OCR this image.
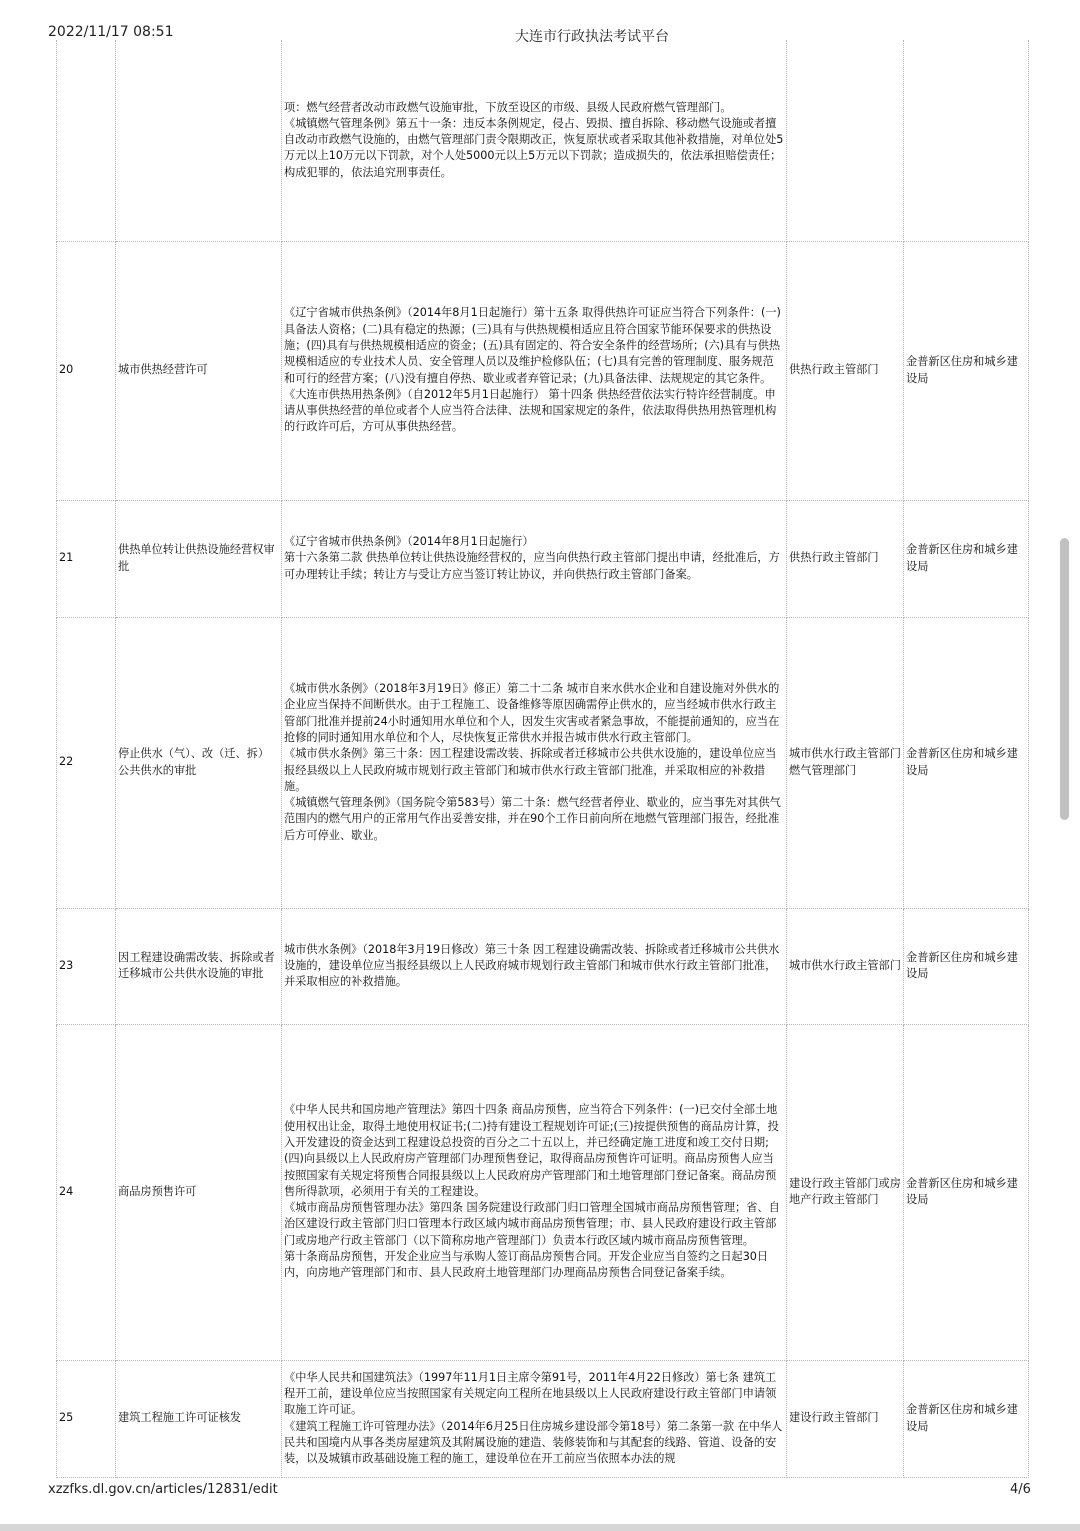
2022/11/17 08:51	大连市行政执法考试平台

		项：燃气经营者改动市政燃气设施审批，下放至设区的市级、县级人民政府燃气管理部门。
《城镇燃气管理条例》第五十一条：违反本条例规定，侵占、毁损、擅自拆除、移动燃气设施或者擅自改动市政燃气设施的，由燃气管理部门责令限期改正，恢复原状或者采取其他补救措施，对单位处5万元以上10万元以下罚款，对个人处5000元以上5万元以下罚款；造成损失的，依法承担赔偿责任；构成犯罪的，依法追究刑事责任。		

20	城市供热经营许可	《辽宁省城市供热条例》（2014年8月1日起施行）第十五条 取得供热许可证应当符合下列条件：(一)具备法人资格；(二)具有稳定的热源；(三)具有与供热规模相适应且符合国家节能环保要求的供热设施；(四)具有与供热规模相适应的资金；(五)具有固定的、符合安全条件的经营场所；(六)具有与供热规模相适应的专业技术人员、安全管理人员以及维护检修队伍；(七)具有完善的管理制度、服务规范和可行的经营方案；(八)没有擅自停热、歇业或者弃管记录；(九)具备法律、法规规定的其它条件。
《大连市供热用热条例》（自2012年5月1日起施行） 第十四条 供热经营依法实行特许经营制度。申请从事供热经营的单位或者个人应当符合法律、法规和国家规定的条件，依法取得供热用热管理机构的行政许可后，方可从事供热经营。	供热行政主管部门	金普新区住房和城乡建设局
21	供热单位转让供热设施经营权审批	《辽宁省城市供热条例》（2014年8月1日起施行）
第十六条第二款 供热单位转让供热设施经营权的，应当向供热行政主管部门提出申请，经批准后，方可办理转让手续；转让方与受让方应当签订转让协议，并向供热行政主管部门备案。	供热行政主管部门	金普新区住房和城乡建设局
22	停止供水（气）、改（迁、拆）公共供水的审批	《城市供水条例》（2018年3月19日》修正）第二十二条 城市自来水供水企业和自建设施对外供水的企业应当保持不间断供水。由于工程施工、设备维修等原因确需停止供水的，应当经城市供水行政主管部门批准并提前24小时通知用水单位和个人，因发生灾害或者紧急事故，不能提前通知的，应当在抢修的同时通知用水单位和个人，尽快恢复正常供水并报告城市供水行政主管部门。
《城市供水条例》第三十条：因工程建设需改装、拆除或者迁移城市公共供水设施的，建设单位应当报经县级以上人民政府城市规划行政主管部门和城市供水行政主管部门批准，并采取相应的补救措施。
《城镇燃气管理条例》（国务院令第583号）第二十条：燃气经营者停业、歇业的，应当事先对其供气范围内的燃气用户的正常用气作出妥善安排，并在90个工作日前向所在地燃气管理部门报告，经批准后方可停业、歇业。	城市供水行政主管部门燃气管理部门	金普新区住房和城乡建设局
23	因工程建设确需改装、拆除或者迁移城市公共供水设施的审批	城市供水条例》（2018年3月19日修改）第三十条 因工程建设确需改装、拆除或者迁移城市公共供水设施的，建设单位应当报经县级以上人民政府城市规划行政主管部门和城市供水行政主管部门批准，并采取相应的补救措施。	城市供水行政主管部门	金普新区住房和城乡建设局
24	商品房预售许可	《中华人民共和国房地产管理法》第四十四条 商品房预售，应当符合下列条件：(一)已交付全部土地使用权出让金，取得土地使用权证书;(二)持有建设工程规划许可证;(三)按提供预售的商品房计算，投入开发建设的资金达到工程建设总投资的百分之二十五以上，并已经确定施工进度和竣工交付日期;(四)向县级以上人民政府房产管理部门办理预售登记，取得商品房预售许可证明。商品房预售人应当按照国家有关规定将预售合同报县级以上人民政府房产管理部门和土地管理部门登记备案。商品房预售所得款项，必须用于有关的工程建设。
《城市商品房预售管理办法》第四条 国务院建设行政部门归口管理全国城市商品房预售管理；省、自治区建设行政主管部门归口管理本行政区域内城市商品房预售管理；市、县人民政府建设行政主管部门或房地产行政主管部门（以下简称房地产管理部门）负责本行政区域内城市商品房预售管理。
第十条商品房预售，开发企业应当与承购人签订商品房预售合同。开发企业应当自签约之日起30日内，向房地产管理部门和市、县人民政府土地管理部门办理商品房预售合同登记备案手续。	建设行政主管部门或房地产行政主管部门	金普新区住房和城乡建设局
25	建筑工程施工许可证核发	《中华人民共和国建筑法》（1997年11月1日主席令第91号，2011年4月22日修改）第七条 建筑工程开工前，建设单位应当按照国家有关规定向工程所在地县级以上人民政府建设行政主管部门申请领取施工许可证。
《建筑工程施工许可管理办法》（2014年6月25日住房城乡建设部令第18号）第二条第一款 在中华人民共和国境内从事各类房屋建筑及其附属设施的建造、装修装饰和与其配套的线路、管道、设备的安装，以及城镇市政基础设施工程的施工，建设单位在开工前应当依照本办法的规	建设行政主管部门	金普新区住房和城乡建设局
xzzfks.dl.gov.cn/articles/12831/edit	4/6
